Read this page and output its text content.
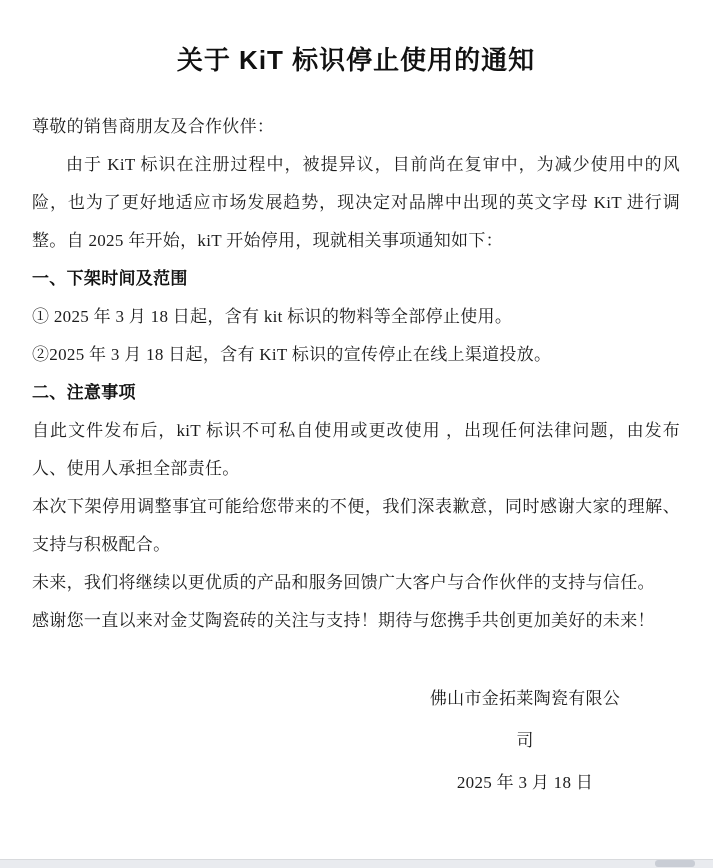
关于 KiT 标识停止使用的通知
尊敬的销售商朋友及合作伙伴：
由于 KiT 标识在注册过程中，被提异议，目前尚在复审中，为减少使用中的风险，也为了更好地适应市场发展趋势，现决定对品牌中出现的英文字母 KiT 进行调整。自 2025 年开始，kiT 开始停用，现就相关事项通知如下：
一、下架时间及范围
① 2025 年 3 月 18 日起，含有 kit 标识的物料等全部停止使用。
②2025 年 3 月 18 日起，含有 KiT 标识的宣传停止在线上渠道投放。
二、注意事项
自此文件发布后，kiT 标识不可私自使用或更改使用 ，出现任何法律问题，由发布人、使用人承担全部责任。
本次下架停用调整事宜可能给您带来的不便，我们深表歉意，同时感谢大家的理解、支持与积极配合。
未来，我们将继续以更优质的产品和服务回馈广大客户与合作伙伴的支持与信任。
感谢您一直以来对金艾陶瓷砖的关注与支持！期待与您携手共创更加美好的未来！
佛山市金拓莱陶瓷有限公司
2025 年 3 月 18 日
